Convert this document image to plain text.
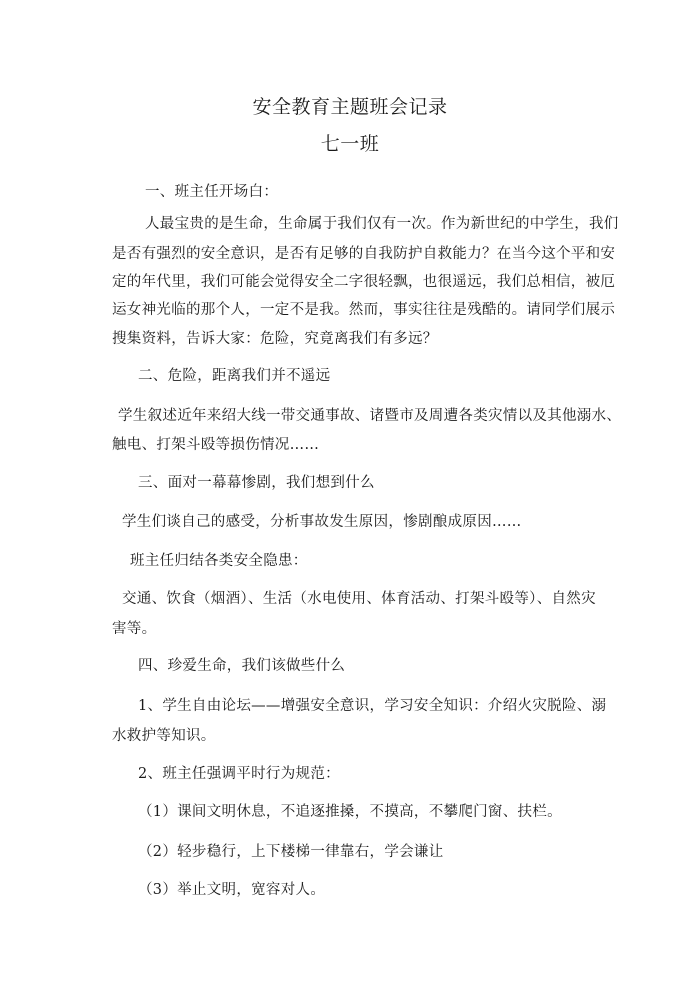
安全教育主题班会记录
七一班
一、班主任开场白：
人最宝贵的是生命，生命属于我们仅有一次。作为新世纪的中学生，我们
是否有强烈的安全意识，是否有足够的自我防护自救能力？在当今这个平和安
定的年代里，我们可能会觉得安全二字很轻飘，也很遥远，我们总相信，被厄
运女神光临的那个人，一定不是我。然而，事实往往是残酷的。请同学们展示
搜集资料，告诉大家：危险，究竟离我们有多远？
二、危险，距离我们并不遥远
学生叙述近年来绍大线一带交通事故、诸暨市及周遭各类灾情以及其他溺水、
触电、打架斗殴等损伤情况……
三、面对一幕幕惨剧，我们想到什么
学生们谈自己的感受，分析事故发生原因，惨剧酿成原因……
班主任归结各类安全隐患：
交通、饮食（烟酒）、生活（水电使用、体育活动、打架斗殴等）、自然灾
害等。
四、珍爱生命，我们该做些什么
1、学生自由论坛——增强安全意识，学习安全知识：介绍火灾脱险、溺
水救护等知识。
2、班主任强调平时行为规范：
（1）课间文明休息，不追逐推搡，不摸高，不攀爬门窗、扶栏。
（2）轻步稳行，上下楼梯一律靠右，学会谦让
（3）举止文明，宽容对人。
